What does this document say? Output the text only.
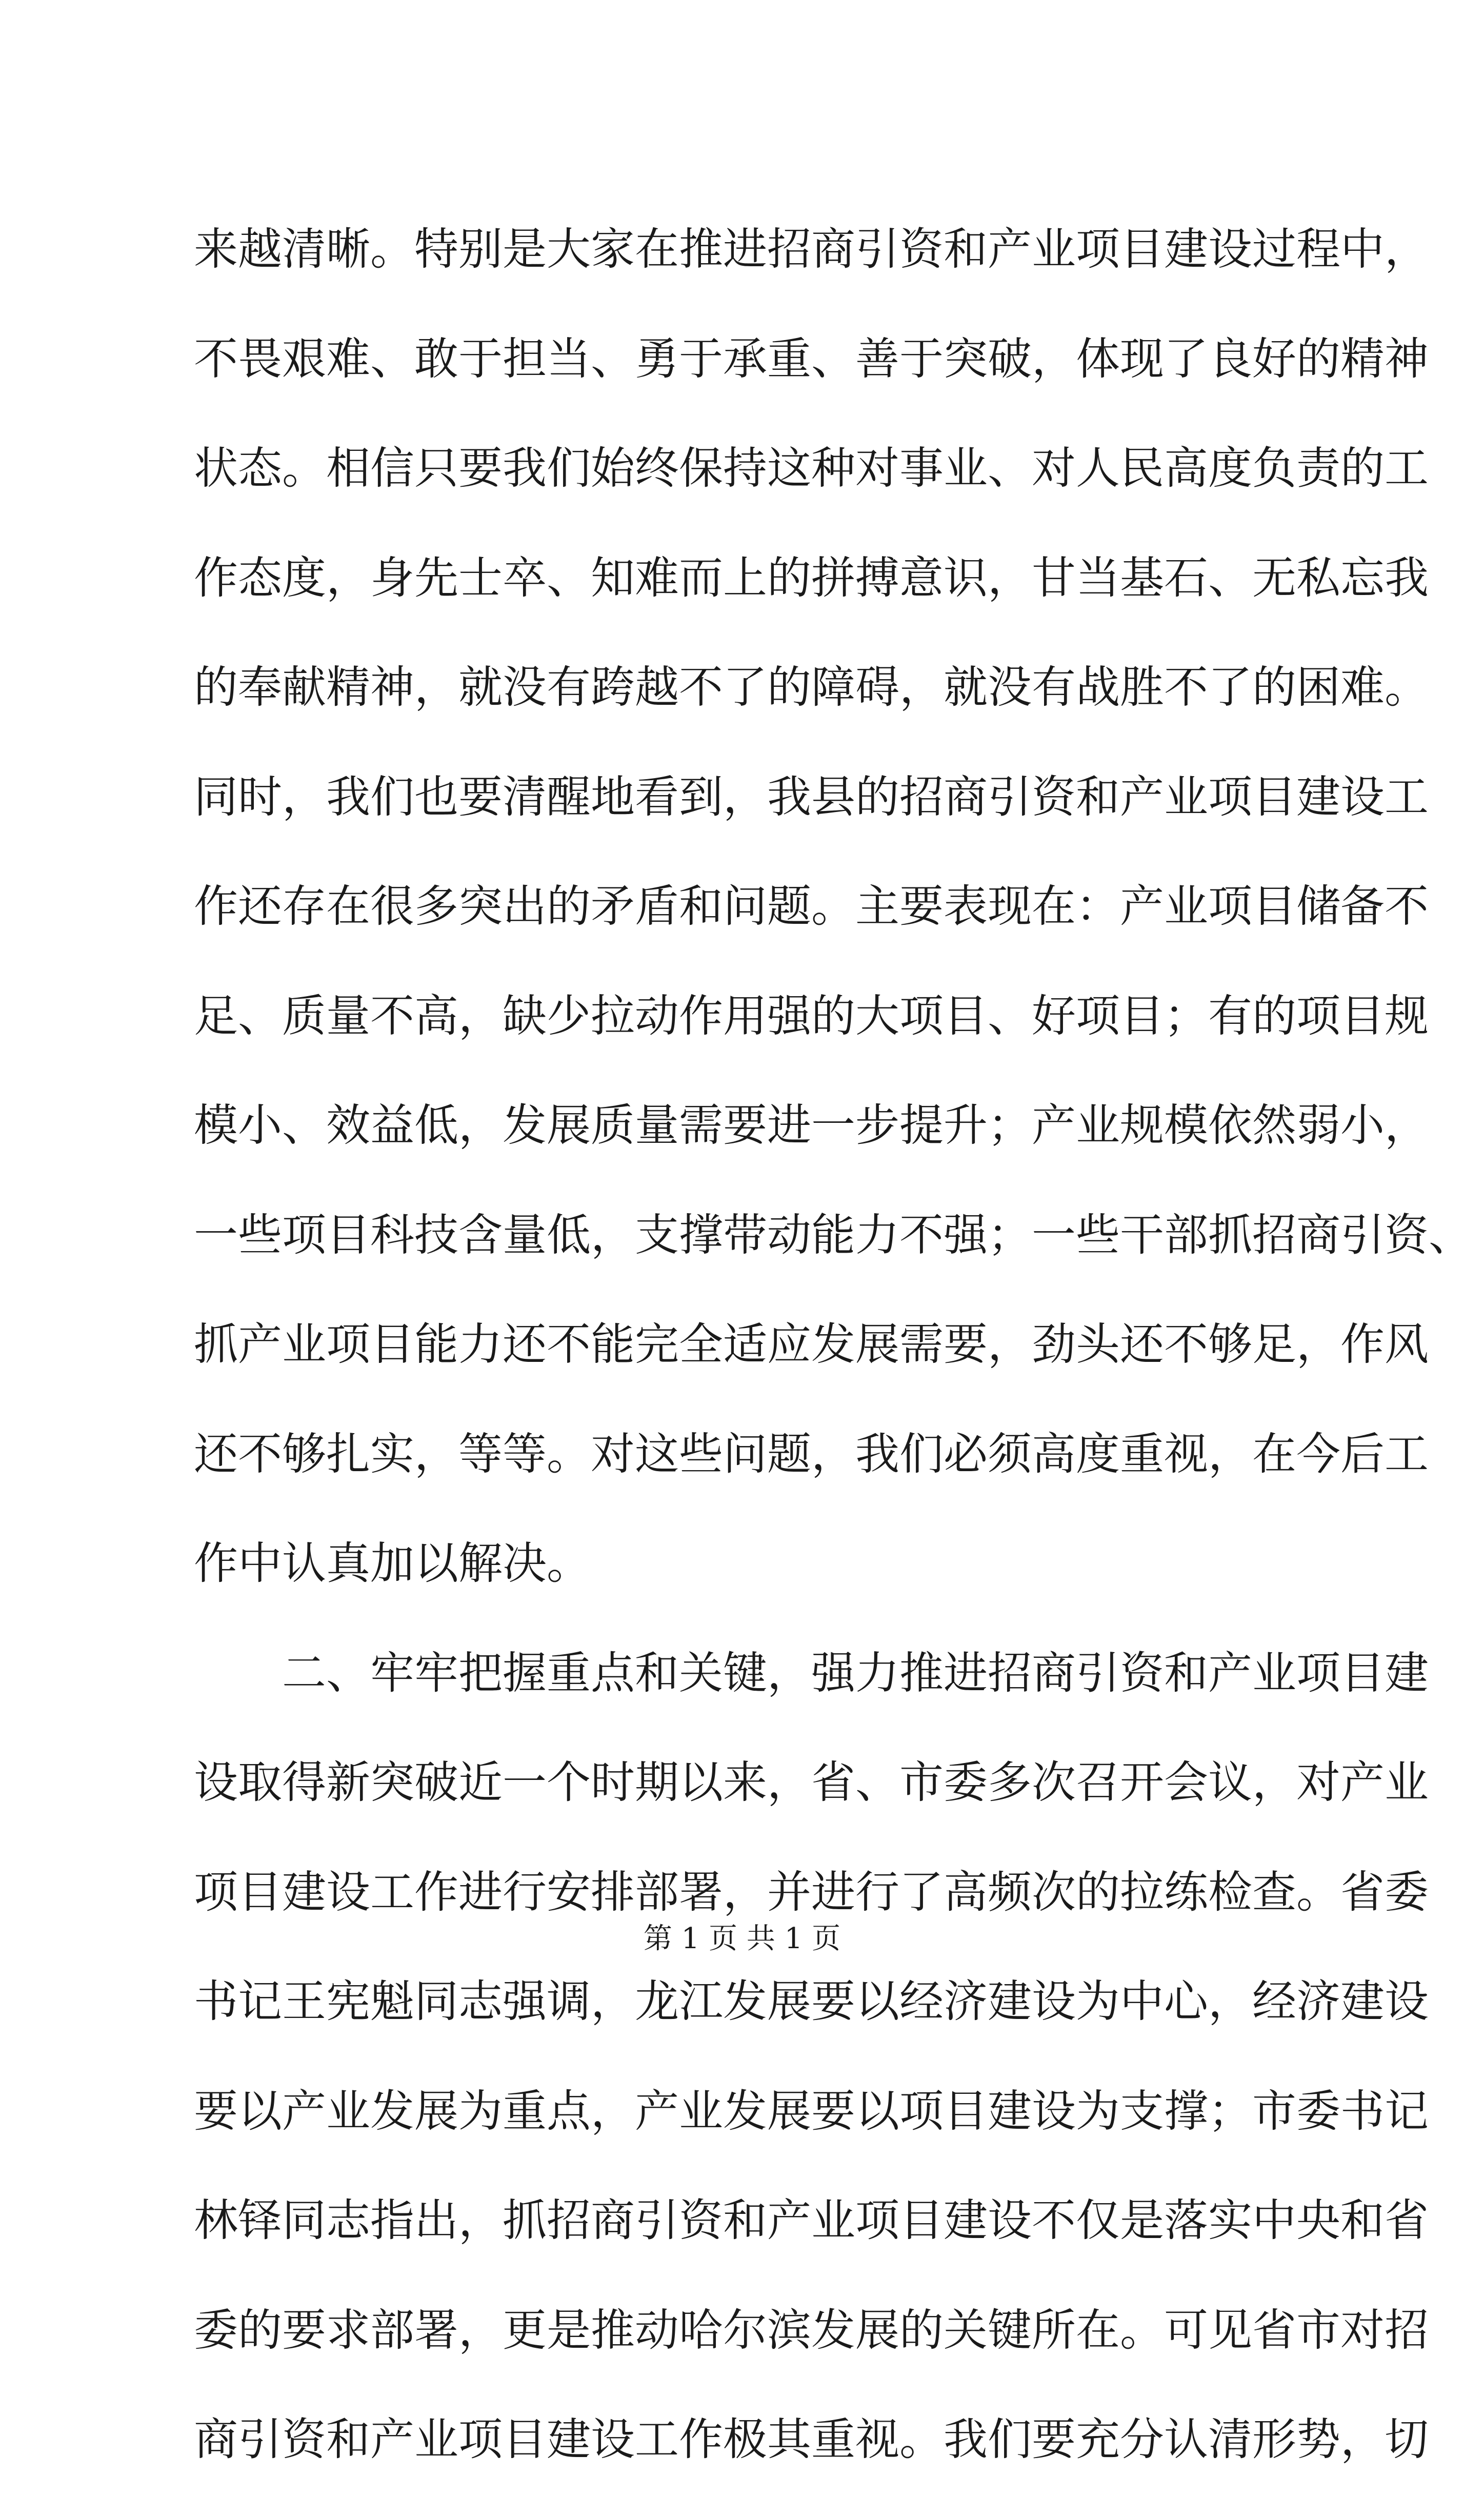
来越清晰。特别是大家在推进招商引资和产业项目建设过程中，
不畏艰难、敢于担当、勇于承重、善于突破，体现了良好的精神
状态。相信只要我们始终保持这种对事业、对人民高度负责的工
作态度，身先士卒、知难而上的拼搏意识，甘当基石、无私忘我
的奉献精神，就没有跨越不了的障碍，就没有战胜不了的困难。
同时，我们也要清醒地看到，我县的招商引资和产业项目建设工
作还存在很多突出的矛盾和问题。主要表现在：产业项目储备不
足、质量不高，缺少拉动作用强的大项目、好项目；有的项目规
模小、效益低，发展质量需要进一步提升；产业规模依然弱小，
一些项目科技含量低，支撑带动能力不强；一些干部抓招商引资、
抓产业项目能力还不能完全适应发展需要，劲头还不够足，作风
还不够扎实，等等。对这些问题，我们必须高度重视，在今后工
作中认真加以解决。
二、牢牢把握重点和关键，强力推进招商引资和产业项目建
设取得新突破近一个时期以来，省、市委多次召开会议，对产业
项目建设工作进行安排部署，并进行了高频次的拉练检查。省委
书记王宪魁同志强调，龙江发展要以经济建设为中心，经济建设
要以产业发展为重点，产业发展要以项目建设为支撑；市委书记
林铎同志指出，抓招商引资和产业项目建设不仅是落实中央和省
委的要求部署，更是推动哈尔滨发展的关键所在。可见省市对招
商引资和产业项目建设工作极其重视。我们要充分认清形势，切
第 1 页 共 1 页
